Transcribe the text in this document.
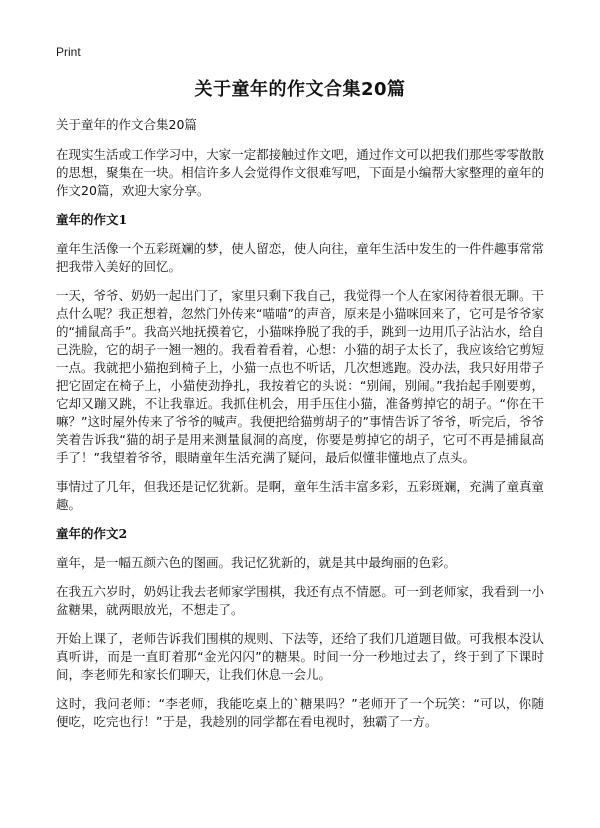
Print
关于童年的作文合集20篇

关于童年的作文合集20篇

在现实生活或工作学习中，大家一定都接触过作文吧，通过作文可以把我们那些零零散散的思想，聚集在一块。相信许多人会觉得作文很难写吧，下面是小编帮大家整理的童年的作文20篇，欢迎大家分享。

童年的作文1

童年生活像一个五彩斑斓的梦，使人留恋，使人向往，童年生活中发生的一件件趣事常常把我带入美好的回忆。

一天，爷爷、奶奶一起出门了，家里只剩下我自己，我觉得一个人在家闲待着很无聊。干点什么呢？我正想着，忽然门外传来“喵喵”的声音，原来是小猫咪回来了，它可是爷爷家的“捕鼠高手”。我高兴地抚摸着它，小猫咪挣脱了我的手，跳到一边用爪子沾沾水，给自己洗脸，它的胡子一翘一翘的。我看着看着，心想：小猫的胡子太长了，我应该给它剪短一点。我就把小猫抱到椅子上，小猫一点也不听话，几次想逃跑。没办法，我只好用带子把它固定在椅子上，小猫使劲挣扎，我按着它的头说：“别闹，别闹。”我抬起手刚要剪，它却又蹦又跳，不让我靠近。我抓住机会，用手压住小猫，准备剪掉它的胡子。“你在干嘛？”这时屋外传来了爷爷的喊声。我便把给猫剪胡子的”事情告诉了爷爷，听完后，爷爷笑着告诉我“猫的胡子是用来测量鼠洞的高度，你要是剪掉它的胡子，它可不再是捕鼠高手了！”我望着爷爷，眼睛童年生活充满了疑问，最后似懂非懂地点了点头。

事情过了几年，但我还是记忆犹新。是啊，童年生活丰富多彩，五彩斑斓，充满了童真童趣。

童年的作文2

童年，是一幅五颜六色的图画。我记忆犹新的，就是其中最绚丽的色彩。

在我五六岁时，奶妈让我去老师家学围棋，我还有点不情愿。可一到老师家，我看到一小盆糖果，就两眼放光，不想走了。

开始上课了，老师告诉我们围棋的规则、下法等，还给了我们几道题目做。可我根本没认真听讲，而是一直盯着那“金光闪闪”的糖果。时间一分一秒地过去了，终于到了下课时间，李老师先和家长们聊天，让我们休息一会儿。

这时，我问老师：“李老师，我能吃桌上的`糖果吗？”老师开了一个玩笑：“可以，你随便吃，吃完也行！”于是，我趁别的同学都在看电视时，独霸了一方。
